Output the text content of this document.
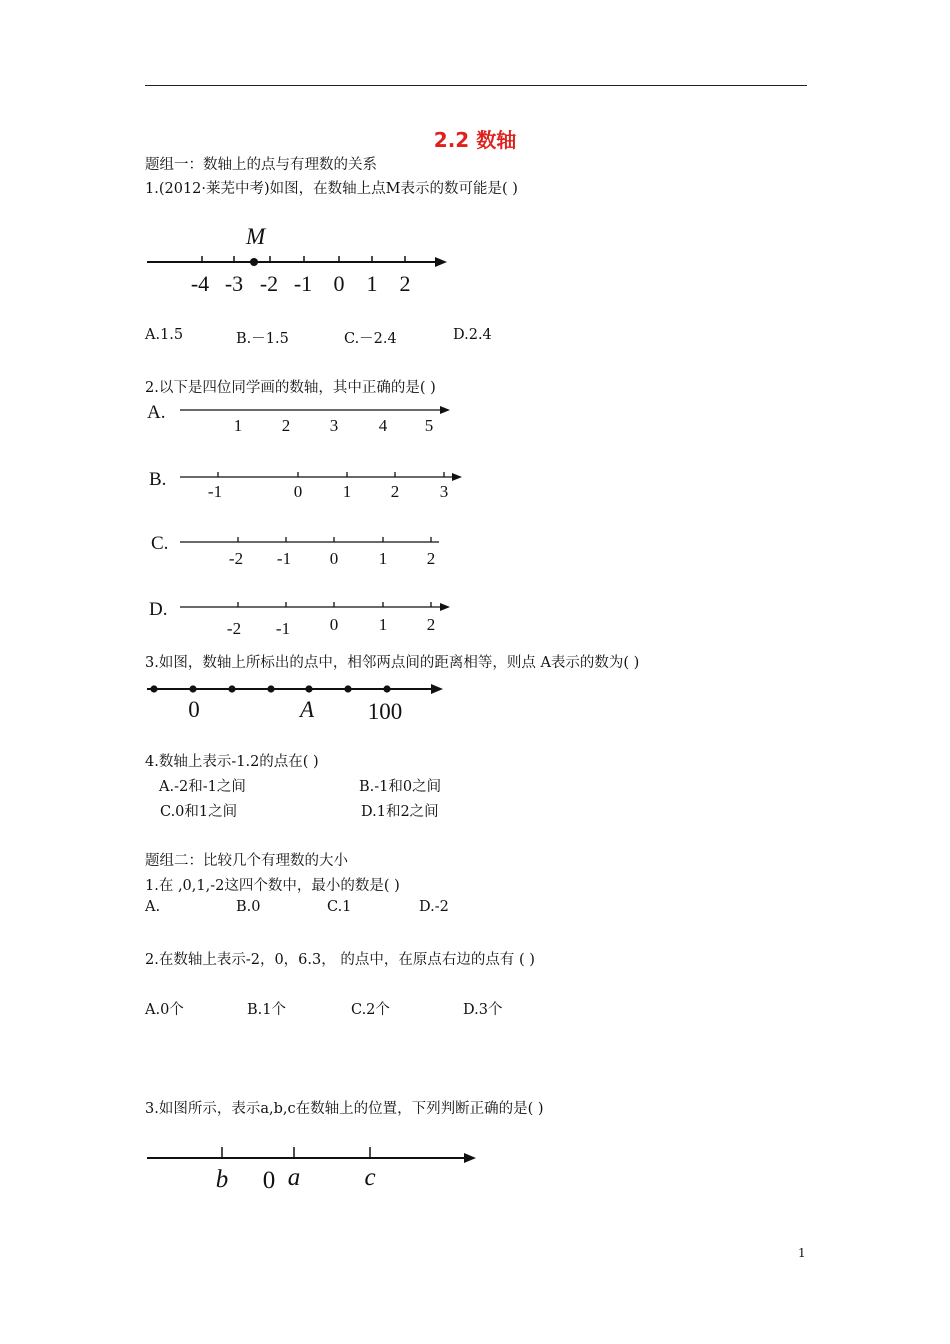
2.2 数轴
题组一：数轴上的点与有理数的关系
1.(2012·莱芜中考)如图，在数轴上点M表示的数可能是( )
M
-4 -3 -2 -1 0 1 2
A.1.5	B.－1.5	C.－2.4	D.2.4
2.以下是四位同学画的数轴，其中正确的是( )
A.
1 2 3 4 5
B.
-1	0 1 2 3
C.
-2 -1 0 1 2
D.
-2 -1 0 1 2
3.如图，数轴上所标出的点中，相邻两点间的距离相等，则点 A表示的数为( )
0	A 100
4.数轴上表示-1.2的点在( )
A.-2和-1之间	B.-1和0之间
C.0和1之间	D.1和2之间
题组二：比较几个有理数的大小
1.在 ,0,1,-2这四个数中，最小的数是( )
A.	B.0	C.1	D.-2
2.在数轴上表示-2，0，6.3， 的点中，在原点右边的点有 ( )
A.0个	B.1个	C.2个	D.3个
3.如图所示，表示a,b,c在数轴上的位置，下列判断正确的是( )
b 0 a	c
1
